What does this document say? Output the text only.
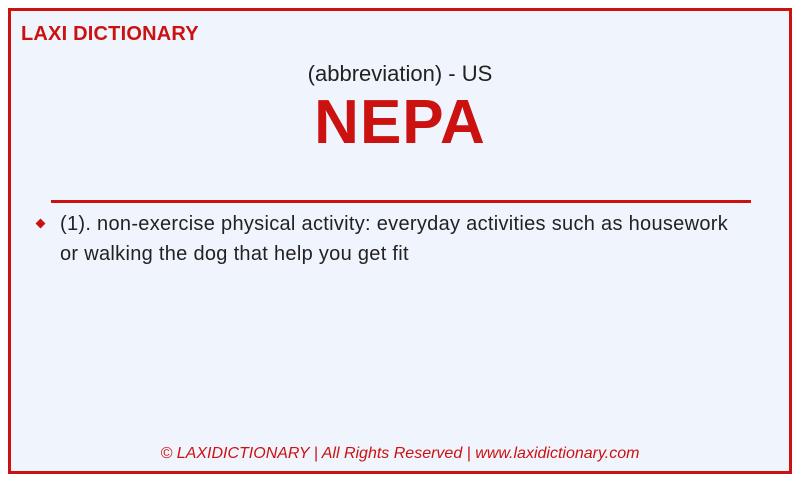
LAXI DICTIONARY
(abbreviation) - US
NEPA
(1). non-exercise physical activity: everyday activities such as housework or walking the dog that help you get fit
© LAXIDICTIONARY | All Rights Reserved | www.laxidictionary.com
